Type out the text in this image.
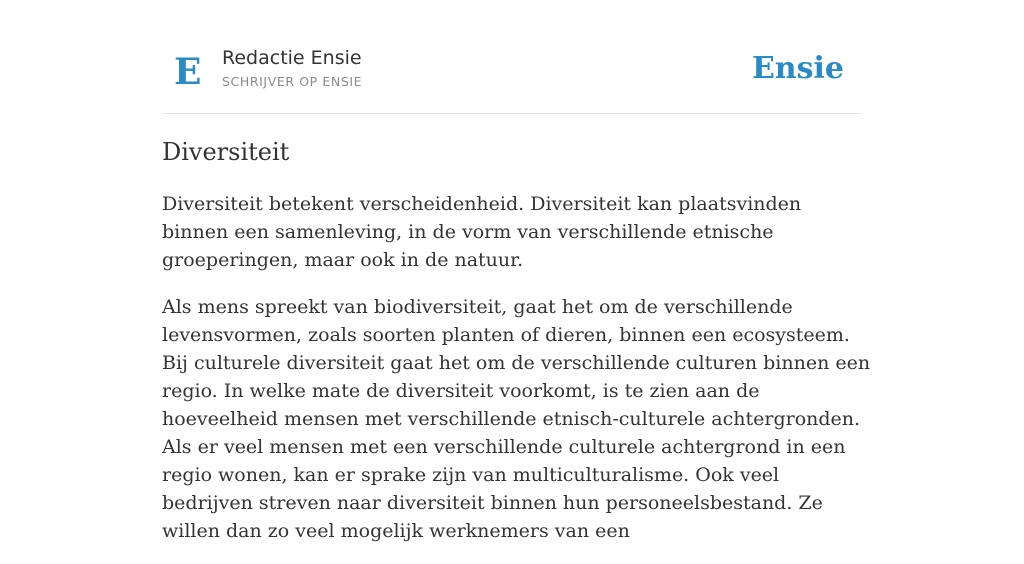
E Redactie Ensie
SCHRIJVER OP ENSIE	Ensie
Diversiteit

Diversiteit betekent verscheidenheid. Diversiteit kan plaatsvinden binnen een samenleving, in de vorm van verschillende etnische groeperingen, maar ook in de natuur.

Als mens spreekt van biodiversiteit, gaat het om de verschillende levensvormen, zoals soorten planten of dieren, binnen een ecosysteem. Bij culturele diversiteit gaat het om de verschillende culturen binnen een regio. In welke mate de diversiteit voorkomt, is te zien aan de hoeveelheid mensen met verschillende etnisch-culturele achtergronden. Als er veel mensen met een verschillende culturele achtergrond in een regio wonen, kan er sprake zijn van multiculturalisme. Ook veel bedrijven streven naar diversiteit binnen hun personeelsbestand. Ze willen dan zo veel mogelijk werknemers van een
